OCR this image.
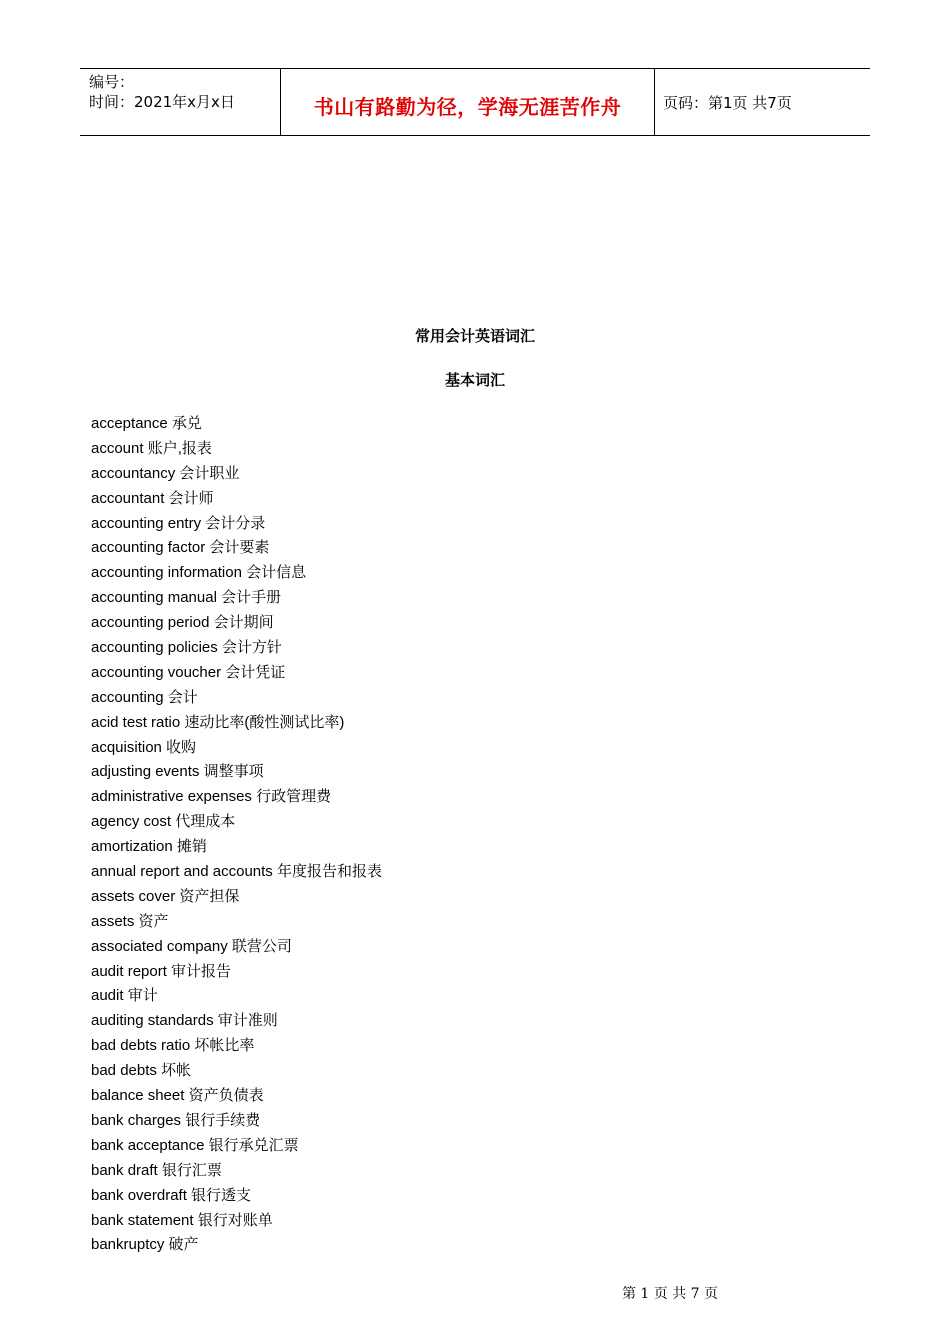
编号：
时间：2021年x月x日	书山有路勤为径，学海无涯苦作舟	页码：第1页 共7页
常用会计英语词汇
基本词汇
acceptance 承兑
account 账户,报表
accountancy 会计职业
accountant 会计师
accounting entry 会计分录
accounting factor 会计要素
accounting information 会计信息
accounting manual 会计手册
accounting period 会计期间
accounting policies 会计方针
accounting voucher 会计凭证
accounting 会计
acid test ratio 速动比率(酸性测试比率)
acquisition 收购
adjusting events 调整事项
administrative expenses 行政管理费
agency cost 代理成本
amortization 摊销
annual report and accounts 年度报告和报表
assets cover 资产担保
assets 资产
associated company 联营公司
audit report 审计报告
audit 审计
auditing standards 审计准则
bad debts ratio 坏帐比率
bad debts 坏帐
balance sheet 资产负债表
bank charges 银行手续费
bank acceptance 银行承兑汇票
bank draft 银行汇票
bank overdraft 银行透支
bank statement 银行对账单
bankruptcy 破产
第 1 页 共 7 页
